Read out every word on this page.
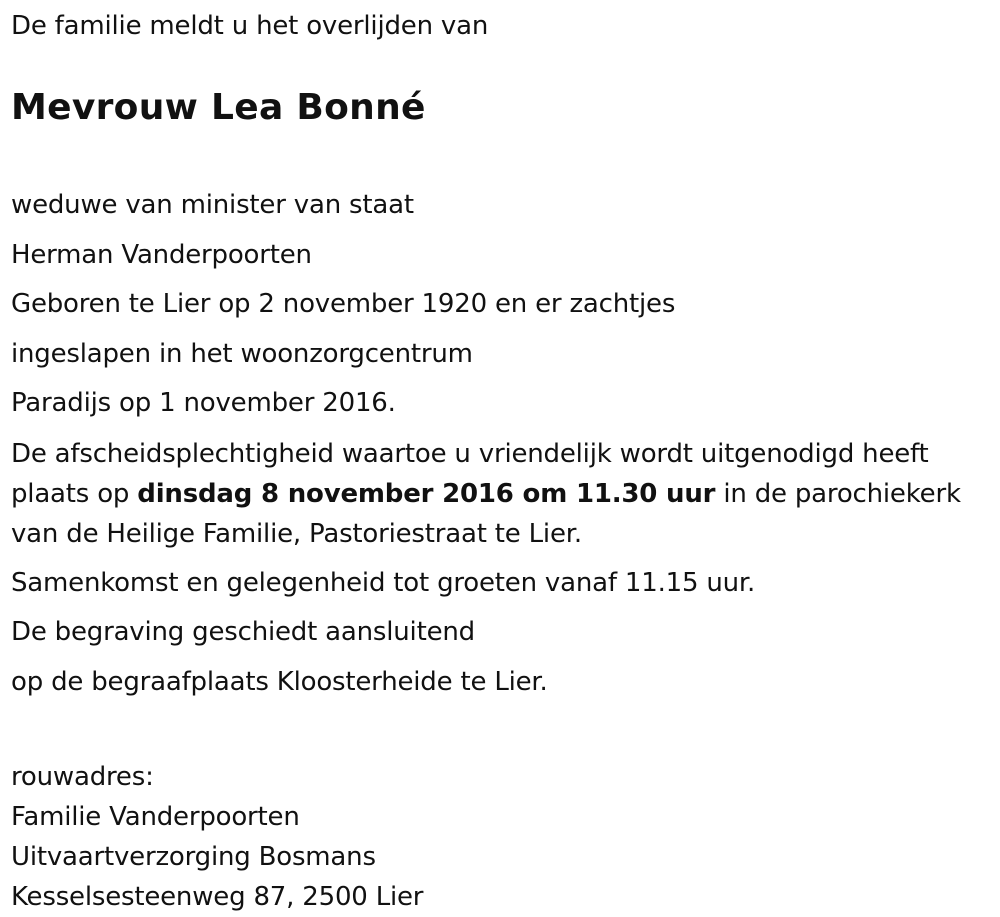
De familie meldt u het overlijden van
Mevrouw Lea Bonné
weduwe van minister van staat
Herman Vanderpoorten
Geboren te Lier op 2 november 1920 en er zachtjes
ingeslapen in het woonzorgcentrum
Paradijs op 1 november 2016.
De afscheidsplechtigheid waartoe u vriendelijk wordt uitgenodigd heeft
plaats op dinsdag 8 november 2016 om 11.30 uur in de parochiekerk
van de Heilige Familie, Pastoriestraat te Lier.
Samenkomst en gelegenheid tot groeten vanaf 11.15 uur.
De begraving geschiedt aansluitend
op de begraafplaats Kloosterheide te Lier.
rouwadres:
Familie Vanderpoorten
Uitvaartverzorging Bosmans
Kesselsesteenweg 87, 2500 Lier
